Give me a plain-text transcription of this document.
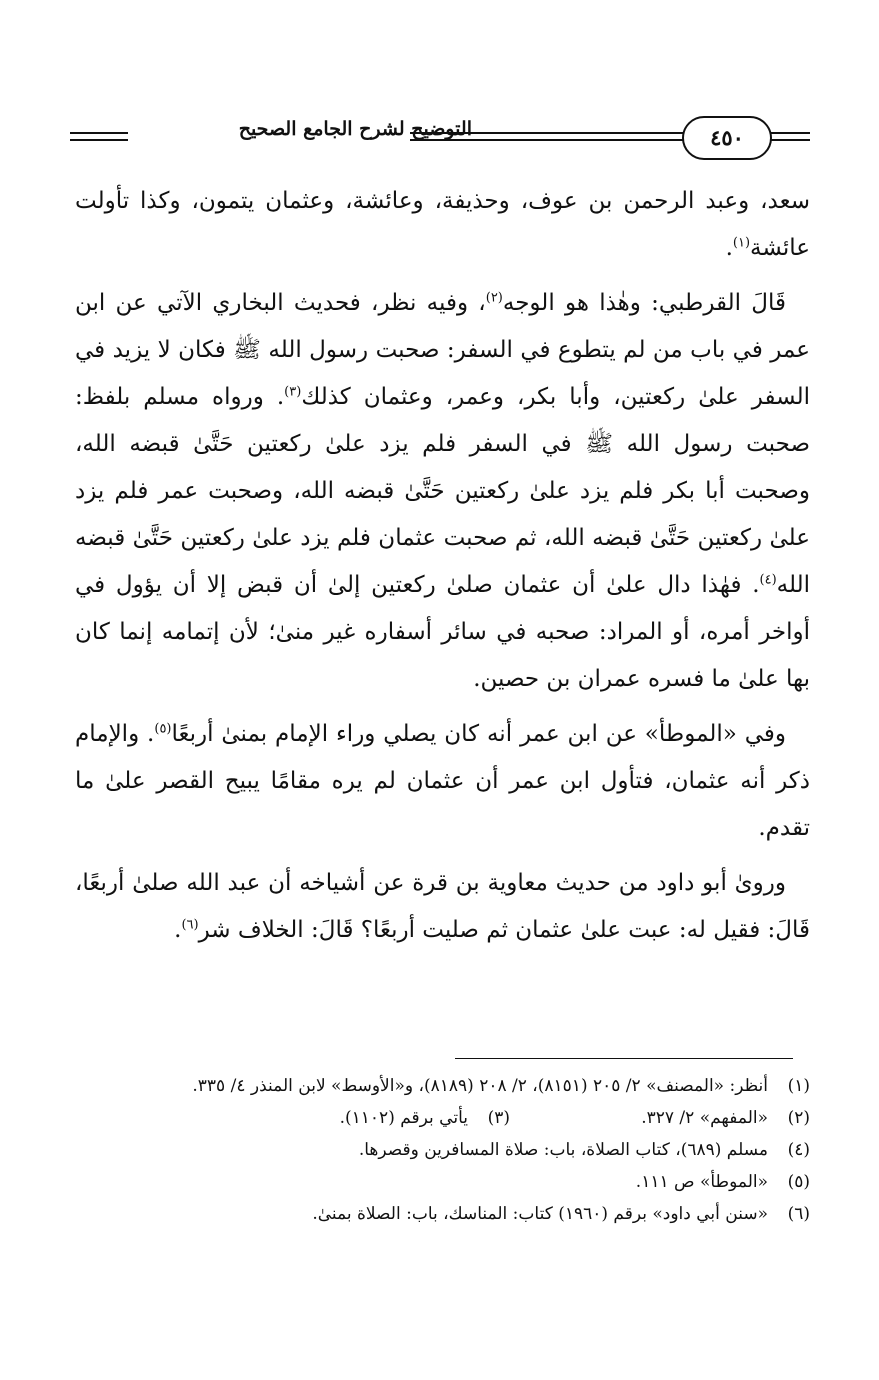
التوضيح لشرح الجامع الصحيح	٤٥٠

سعد، وعبد الرحمن بن عوف، وحذيفة، وعائشة، وعثمان يتمون، وكذا تأولت عائشة$^{(١)}$.

قَالَ القرطبي: وهٰذا هو الوجه$^{(٢)}$، وفيه نظر، فحديث البخاري الآتي عن ابن عمر في باب من لم يتطوع في السفر: صحبت رسول الله ﷺ فكان لا يزيد في السفر علىٰ ركعتين، وأبا بكر، وعمر، وعثمان كذلك$^{(٣)}$. ورواه مسلم بلفظ: صحبت رسول الله ﷺ في السفر فلم يزد علىٰ ركعتين حَتَّىٰ قبضه الله، وصحبت أبا بكر فلم يزد علىٰ ركعتين حَتَّىٰ قبضه الله، وصحبت عمر فلم يزد علىٰ ركعتين حَتَّىٰ قبضه الله، ثم صحبت عثمان فلم يزد علىٰ ركعتين حَتَّىٰ قبضه الله$^{(٤)}$. فهٰذا دال علىٰ أن عثمان صلىٰ ركعتين إلىٰ أن قبض إلا أن يؤول في أواخر أمره، أو المراد: صحبه في سائر أسفاره غير منىٰ؛ لأن إتمامه إنما كان بها علىٰ ما فسره عمران بن حصين.

وفي «الموطأ» عن ابن عمر أنه كان يصلي وراء الإمام بمنىٰ أربعًا$^{(٥)}$. والإمام ذكر أنه عثمان، فتأول ابن عمر أن عثمان لم يره مقامًا يبيح القصر علىٰ ما تقدم.

وروىٰ أبو داود من حديث معاوية بن قرة عن أشياخه أن عبد الله صلىٰ أربعًا، قَالَ: فقيل له: عبت علىٰ عثمان ثم صليت أربعًا؟ قَالَ: الخلاف شر$^{(٦)}$.

(١)
أنظر: «المصنف» ٢/ ٢٠٥ (٨١٥١)، ٢/ ٢٠٨ (٨١٨٩)، و«الأوسط» لابن المنذر ٤/ ٣٣٥.
(٢)
«المفهم» ٢/ ٣٢٧.
(٣)
يأتي برقم (١١٠٢).
(٤)
مسلم (٦٨٩)، كتاب الصلاة، باب: صلاة المسافرين وقصرها.
(٥)
«الموطأ» ص ١١١.
(٦)
«سنن أبي داود» برقم (١٩٦٠) كتاب: المناسك، باب: الصلاة بمنىٰ.
